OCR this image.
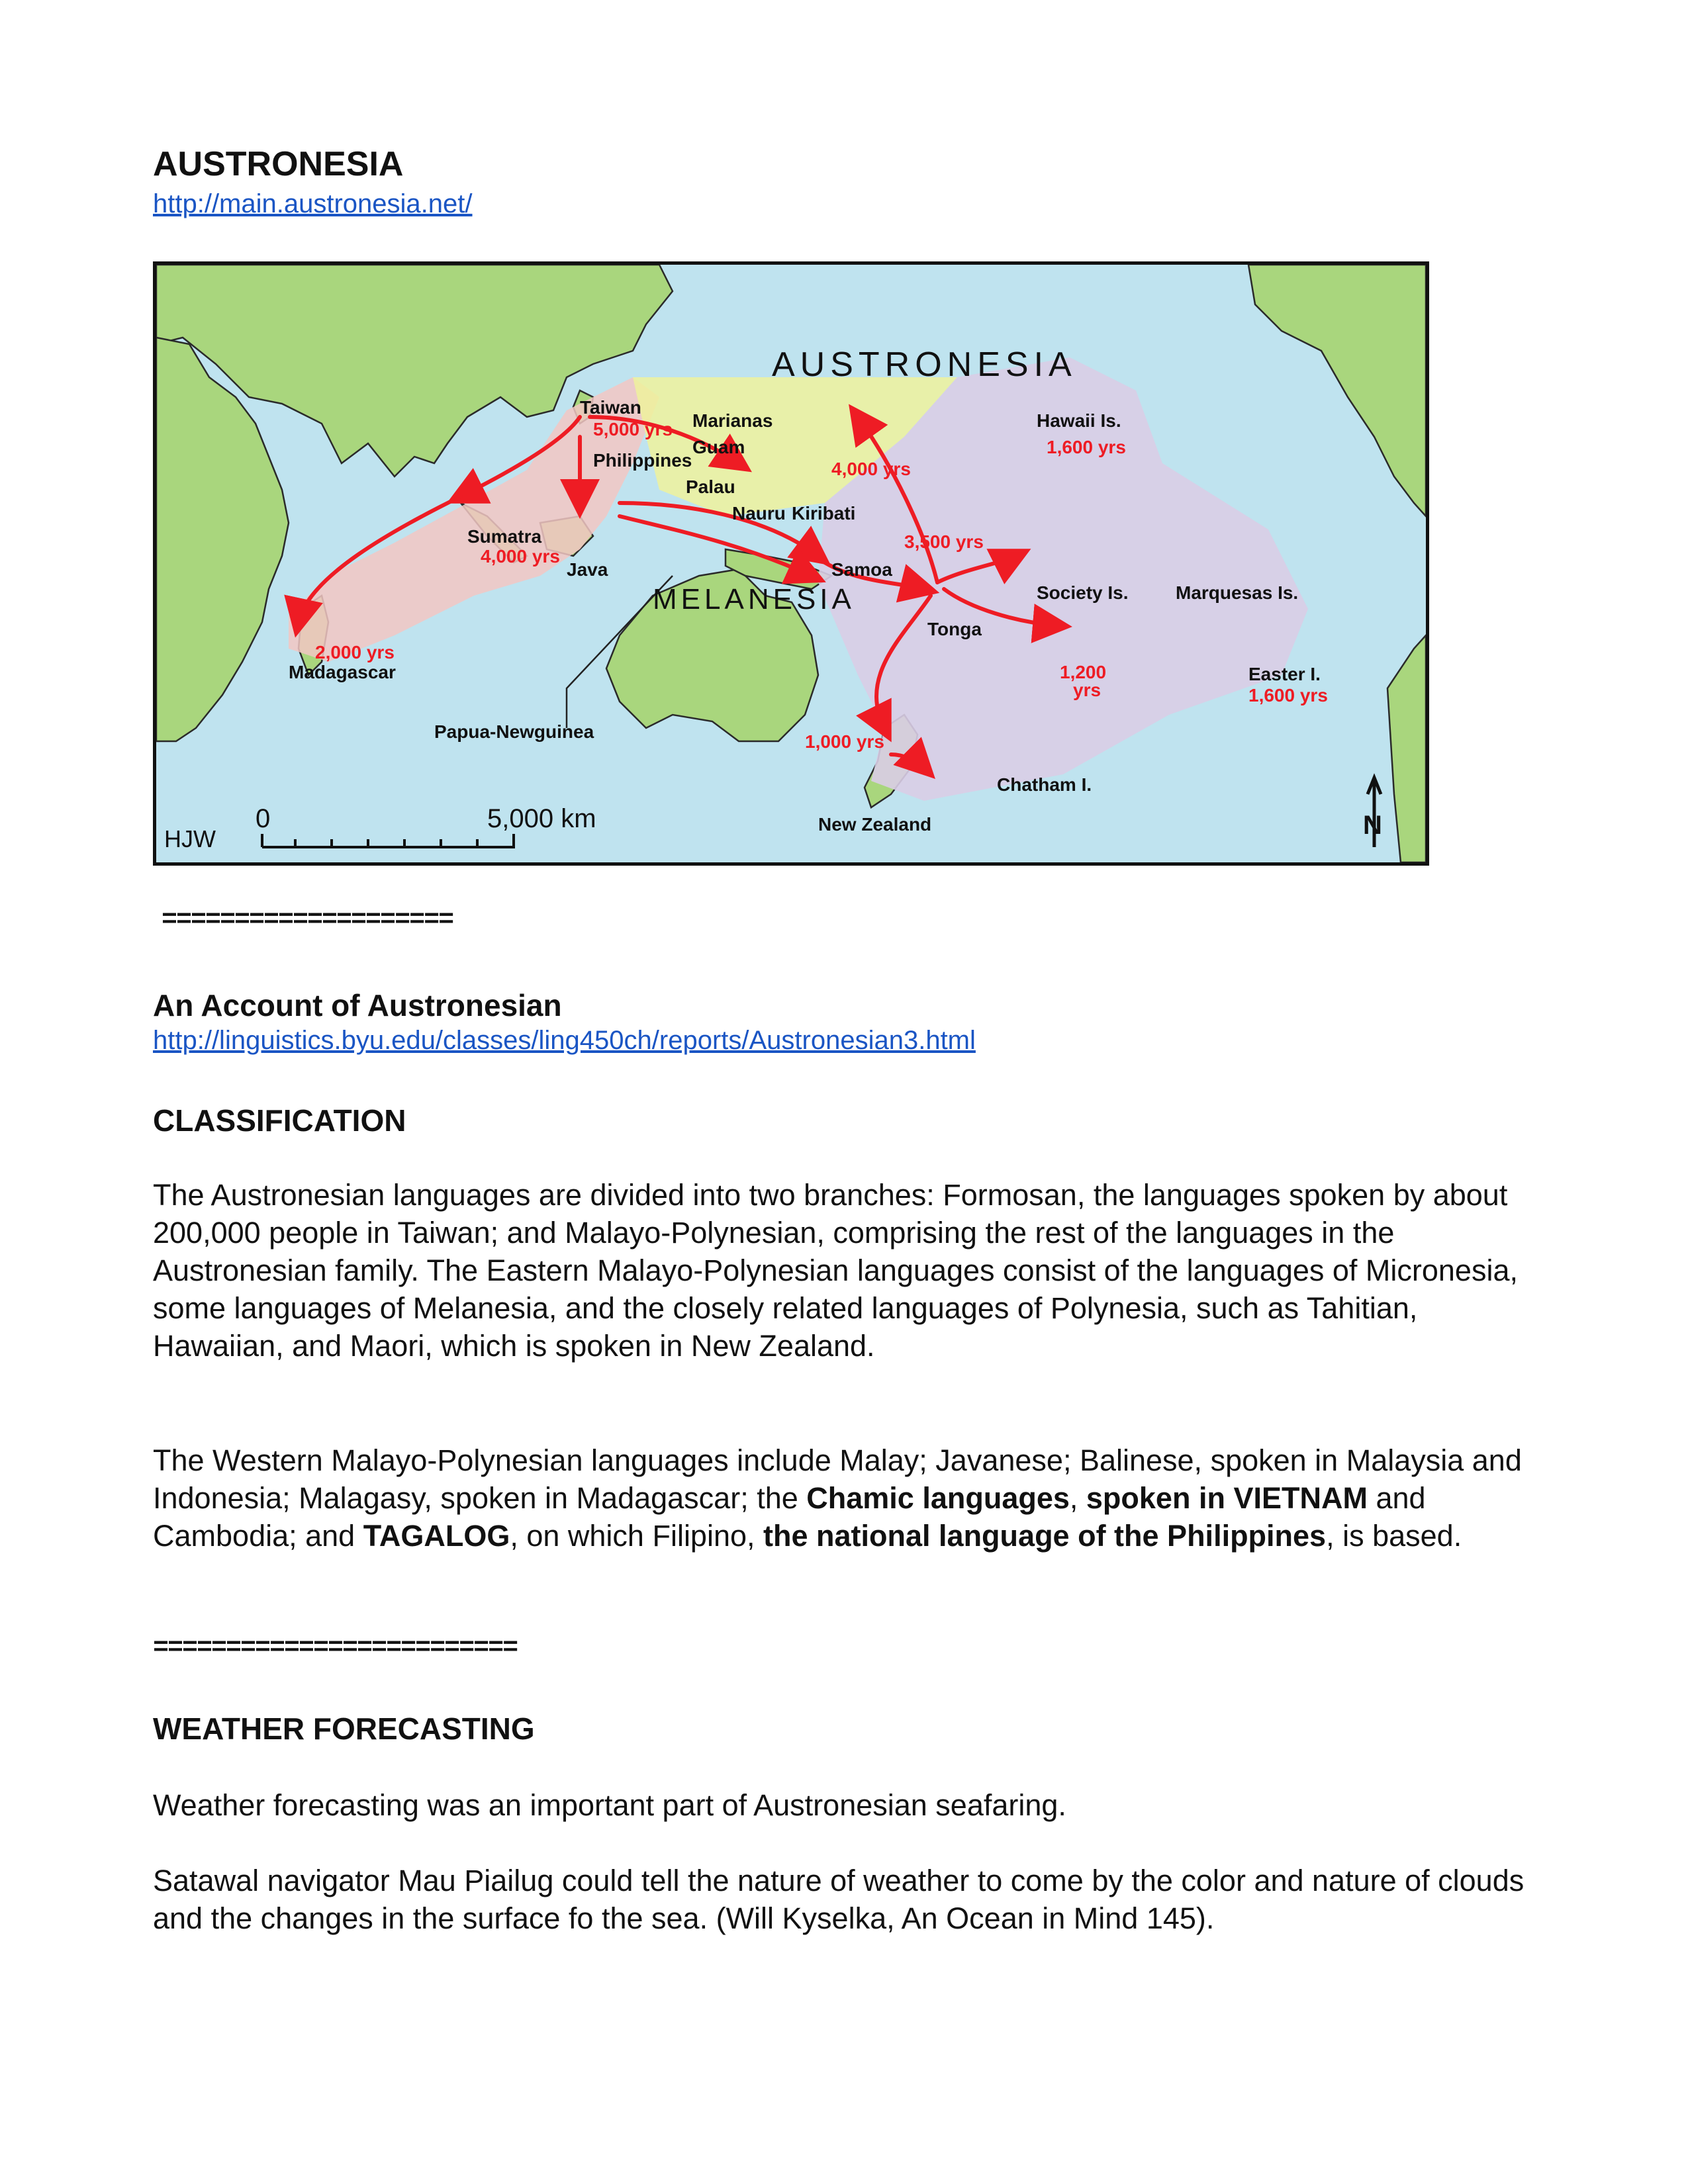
AUSTRONESIA
http://main.austronesia.net/
AUSTRONESIA
MELANESIA
Taiwan
Marianas
Guam
Philippines
Palau
Nauru Kiribati
Hawaii Is.
Sumatra
Java	Samoa
Society Is.	Marquesas Is.
Tonga
Easter I.
Madagascar
Papua-Newguinea
Chatham I.
New Zealand
5,000 yrs
4,000 yrs
4,000 yrs
1,600 yrs
3,500 yrs
2,000 yrs
1,200
yrs	1,600 yrs
1,000 yrs
0	5,000 km
HJW	N
====================
An Account of Austronesian
http://linguistics.byu.edu/classes/ling450ch/reports/Austronesian3.html
CLASSIFICATION

The Austronesian languages are divided into two branches: Formosan, the languages spoken by about 200,000 people in Taiwan; and Malayo-Polynesian, comprising the rest of the languages in the Austronesian family. The Eastern Malayo-Polynesian languages consist of the languages of Micronesia, some languages of Melanesia, and the closely related languages of Polynesia, such as Tahitian, Hawaiian, and Maori, which is spoken in New Zealand.

The Western Malayo-Polynesian languages include Malay; Javanese; Balinese, spoken in Malaysia and Indonesia; Malagasy, spoken in Madagascar; the Chamic languages, spoken in VIETNAM and Cambodia; and TAGALOG, on which Filipino, the national language of the Philippines, is based.

=========================
WEATHER FORECASTING

Weather forecasting was an important part of Austronesian seafaring.

Satawal navigator Mau Piailug could tell the nature of weather to come by the color and nature of clouds and the changes in the surface fo the sea. (Will Kyselka, An Ocean in Mind 145).
